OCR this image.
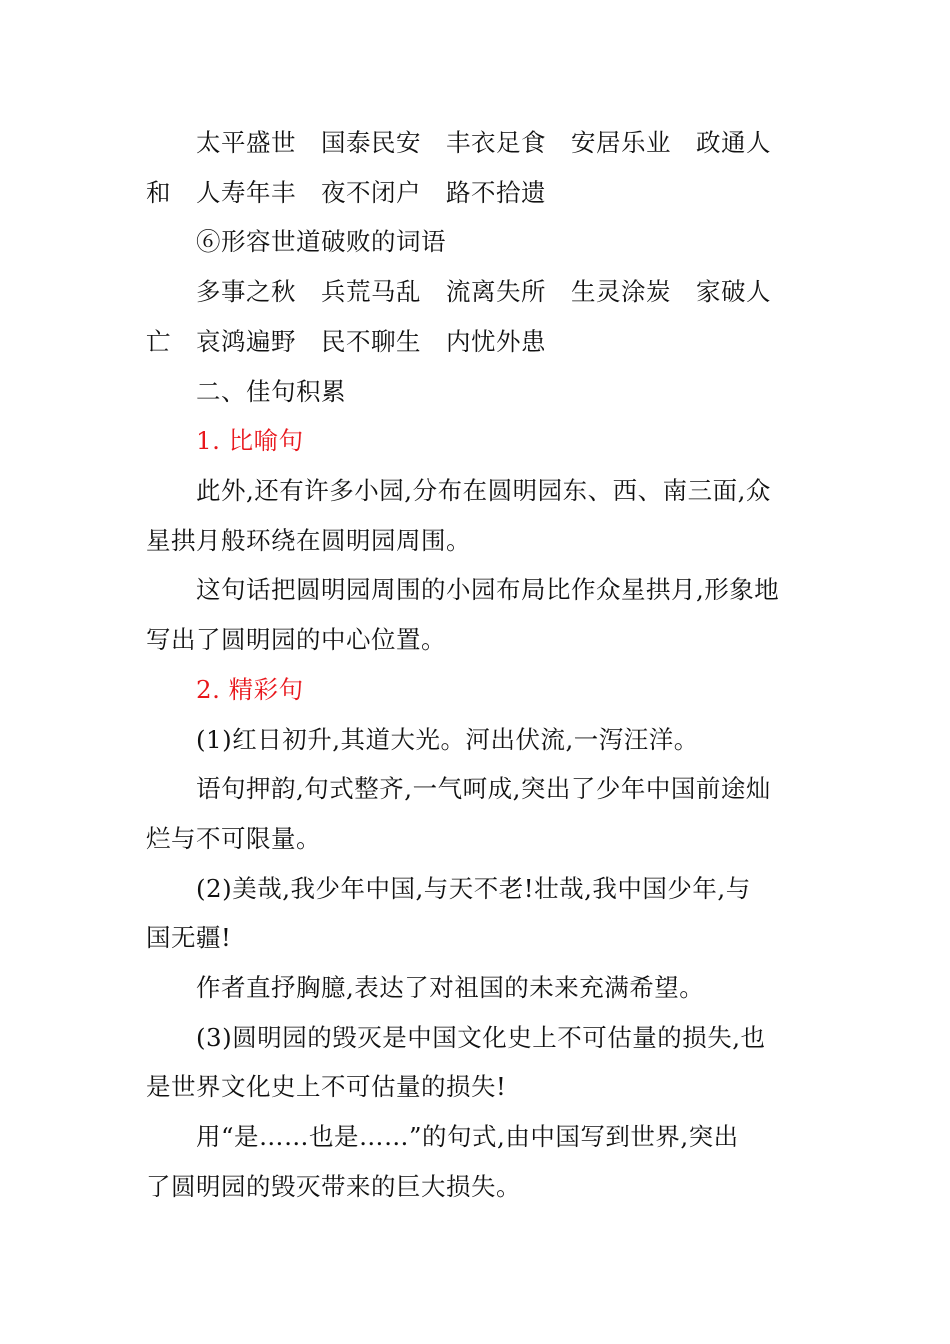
太平盛世　国泰民安　丰衣足食　安居乐业　政通人
和　人寿年丰　夜不闭户　路不拾遗
⑥形容世道破败的词语
多事之秋　兵荒马乱　流离失所　生灵涂炭　家破人
亡　哀鸿遍野　民不聊生　内忧外患
二、佳句积累
1. 比喻句
此外,还有许多小园,分布在圆明园东、西、南三面,众
星拱月般环绕在圆明园周围。
这句话把圆明园周围的小园布局比作众星拱月,形象地
写出了圆明园的中心位置。
2. 精彩句
(1)红日初升,其道大光。河出伏流,一泻汪洋。
语句押韵,句式整齐,一气呵成,突出了少年中国前途灿
烂与不可限量。
(2)美哉,我少年中国,与天不老!壮哉,我中国少年,与
国无疆!
作者直抒胸臆,表达了对祖国的未来充满希望。
(3)圆明园的毁灭是中国文化史上不可估量的损失,也
是世界文化史上不可估量的损失!
用“是……也是……”的句式,由中国写到世界,突出
了圆明园的毁灭带来的巨大损失。
